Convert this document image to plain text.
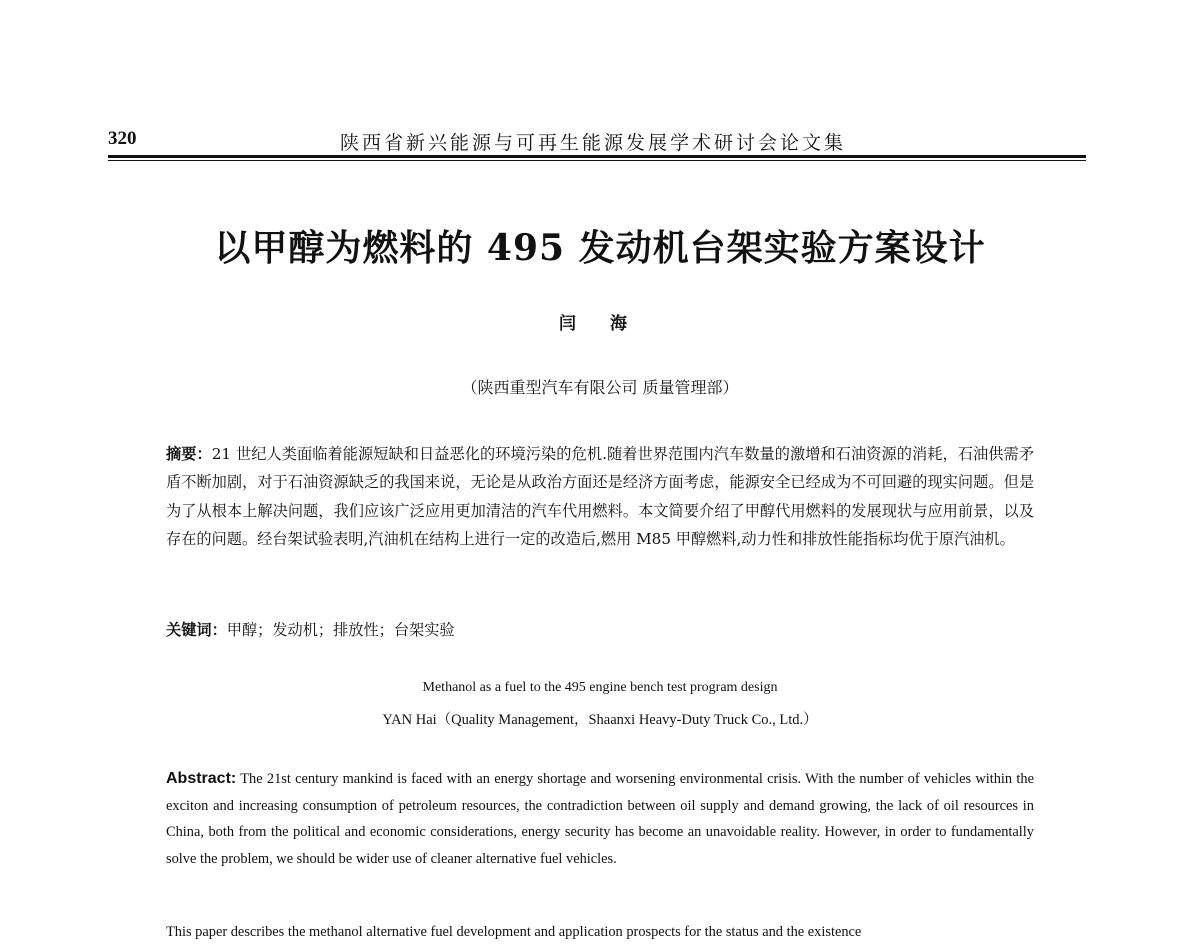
320	陕西省新兴能源与可再生能源发展学术研讨会论文集
以甲醇为燃料的 495 发动机台架实验方案设计
闫 海
（陕西重型汽车有限公司 质量管理部）
摘要：21 世纪人类面临着能源短缺和日益恶化的环境污染的危机.随着世界范围内汽车数量的激增和石油资源的消耗，石油供需矛盾不断加剧，对于石油资源缺乏的我国来说，无论是从政治方面还是经济方面考虑，能源安全已经成为不可回避的现实问题。但是为了从根本上解决问题，我们应该广泛应用更加清洁的汽车代用燃料。本文简要介绍了甲醇代用燃料的发展现状与应用前景，以及存在的问题。经台架试验表明,汽油机在结构上进行一定的改造后,燃用 M85 甲醇燃料,动力性和排放性能指标均优于原汽油机。
关键词：甲醇；发动机；排放性；台架实验
Methanol as a fuel to the 495 engine bench test program design
YAN Hai（Quality Management，Shaanxi Heavy-Duty Truck Co., Ltd.）
Abstract: The 21st century mankind is faced with an energy shortage and worsening environmental crisis. With the number of vehicles within the exciton and increasing consumption of petroleum resources, the contradiction between oil supply and demand growing, the lack of oil resources in China, both from the political and economic considerations, energy security has become an unavoidable reality. However, in order to fundamentally solve the problem, we should be wider use of cleaner alternative fuel vehicles.
This paper describes the methanol alternative fuel development and application prospects for the status and the existence
